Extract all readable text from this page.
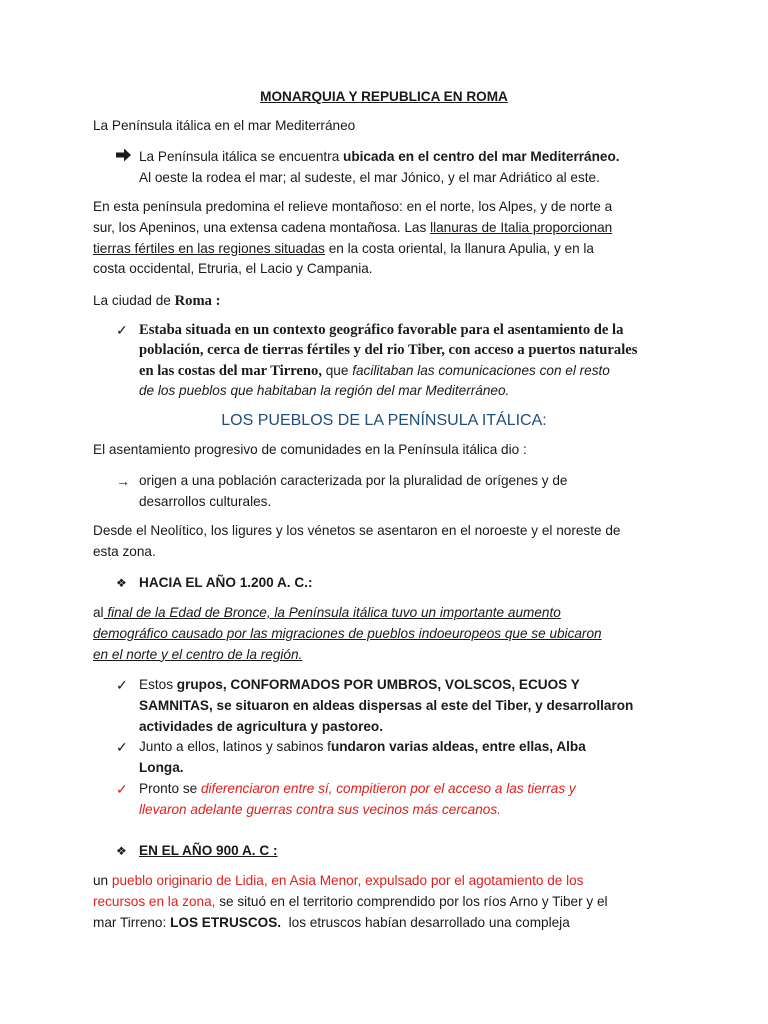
MONARQUIA Y REPUBLICA EN ROMA
La Península itálica en el mar Mediterráneo
La Península itálica se encuentra ubicada en el centro del mar Mediterráneo.
Al oeste la rodea el mar; al sudeste, el mar Jónico, y el mar Adriático al este.
En esta península predomina el relieve montañoso: en el norte, los Alpes, y de norte a
sur, los Apeninos, una extensa cadena montañosa. Las llanuras de Italia proporcionan
tierras fértiles en las regiones situadas en la costa oriental, la llanura Apulia, y en la
costa occidental, Etruria, el Lacio y Campania.
La ciudad de Roma :
✓ Estaba situada en un contexto geográfico favorable para el asentamiento de la
población, cerca de tierras fértiles y del rio Tiber, con acceso a puertos naturales
en las costas del mar Tirreno, que facilitaban las comunicaciones con el resto
de los pueblos que habitaban la región del mar Mediterráneo.
LOS PUEBLOS DE LA PENÍNSULA ITÁLICA:
El asentamiento progresivo de comunidades en la Península itálica dio :
→ origen a una población caracterizada por la pluralidad de orígenes y de
desarrollos culturales.
Desde el Neolítico, los ligures y los vénetos se asentaron en el noroeste y el noreste de
esta zona.
❖ HACIA EL AÑO 1.200 A. C.:
al final de la Edad de Bronce, la Península itálica tuvo un importante aumento
demográfico causado por las migraciones de pueblos indoeuropeos que se ubicaron
en el norte y el centro de la región.
✓ Estos grupos, CONFORMADOS POR UMBROS, VOLSCOS, ECUOS Y
SAMNITAS, se situaron en aldeas dispersas al este del Tiber, y desarrollaron
actividades de agricultura y pastoreo.
✓ Junto a ellos, latinos y sabinos fundaron varias aldeas, entre ellas, Alba
Longa.
✓ Pronto se diferenciaron entre sí, compitieron por el acceso a las tierras y
llevaron adelante guerras contra sus vecinos más cercanos.
❖ EN EL AÑO 900 A. C :
un pueblo originario de Lidia, en Asia Menor, expulsado por el agotamiento de los
recursos en la zona, se situó en el territorio comprendido por los ríos Arno y Tiber y el
mar Tirreno: LOS ETRUSCOS.  los etruscos habían desarrollado una compleja
